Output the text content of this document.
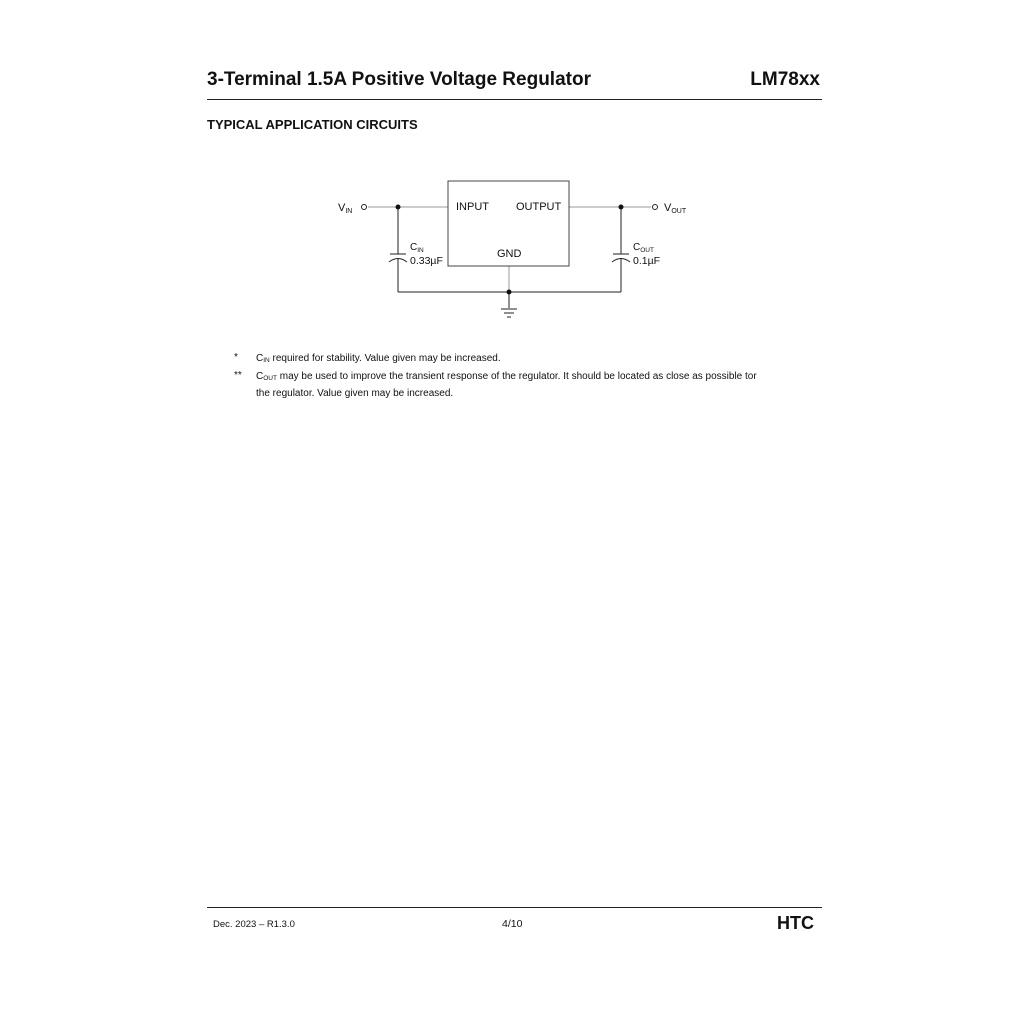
3-Terminal 1.5A Positive Voltage Regulator	LM78xx
TYPICAL APPLICATION CIRCUITS
INPUT OUTPUT
GND
VIN	VOUT
$C_{IN}$
0.33µF
$C_{OUT}$
0.1µF
* $C_{IN}$ required for stability. Value given may be increased.
** $C_{OUT}$ may be used to improve the transient response of the regulator. It should be located as close as possible tor
the regulator. Value given may be increased.
Dec. 2023 – R1.3.0	4/10	HTC
